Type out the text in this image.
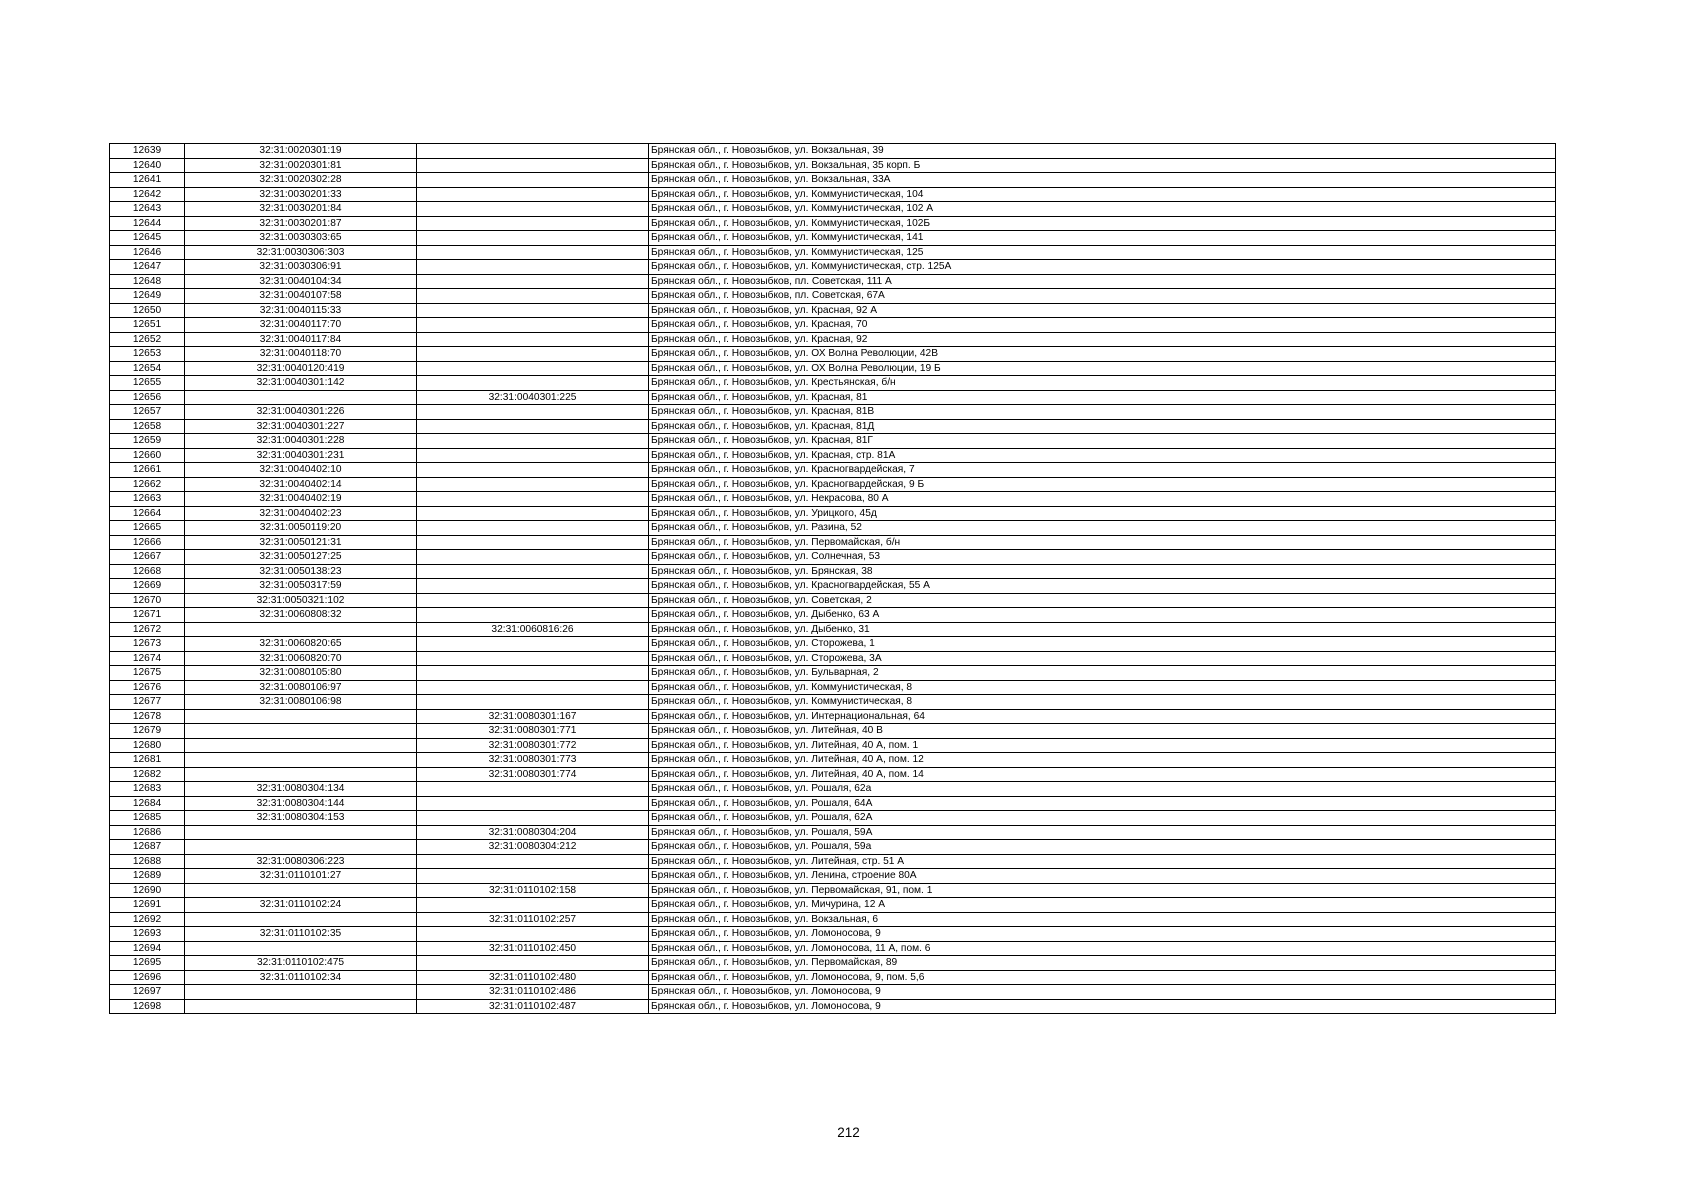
12639	32:31:0020301:19		Брянская обл., г. Новозыбков, ул. Вокзальная, 39
12640	32:31:0020301:81		Брянская обл., г. Новозыбков, ул. Вокзальная, 35 корп. Б
12641	32:31:0020302:28		Брянская обл., г. Новозыбков, ул. Вокзальная, 33А
12642	32:31:0030201:33		Брянская обл., г. Новозыбков, ул. Коммунистическая, 104
12643	32:31:0030201:84		Брянская обл., г. Новозыбков, ул. Коммунистическая, 102 А
12644	32:31:0030201:87		Брянская обл., г. Новозыбков, ул. Коммунистическая, 102Б
12645	32:31:0030303:65		Брянская обл., г. Новозыбков, ул. Коммунистическая, 141
12646	32:31:0030306:303		Брянская обл., г. Новозыбков, ул. Коммунистическая, 125
12647	32:31:0030306:91		Брянская обл., г. Новозыбков, ул. Коммунистическая, стр. 125А
12648	32:31:0040104:34		Брянская обл., г. Новозыбков, пл. Советская, 111 А
12649	32:31:0040107:58		Брянская обл., г. Новозыбков, пл. Советская, 67А
12650	32:31:0040115:33		Брянская обл., г. Новозыбков, ул. Красная, 92 А
12651	32:31:0040117:70		Брянская обл., г. Новозыбков, ул. Красная, 70
12652	32:31:0040117:84		Брянская обл., г. Новозыбков, ул. Красная, 92
12653	32:31:0040118:70		Брянская обл., г. Новозыбков, ул. ОХ Волна Революции, 42В
12654	32:31:0040120:419		Брянская обл., г. Новозыбков, ул. ОХ Волна Революции, 19 Б
12655	32:31:0040301:142		Брянская обл., г. Новозыбков, ул. Крестьянская, б/н
12656		32:31:0040301:225	Брянская обл., г. Новозыбков, ул. Красная, 81
12657	32:31:0040301:226		Брянская обл., г. Новозыбков, ул. Красная, 81В
12658	32:31:0040301:227		Брянская обл., г. Новозыбков, ул. Красная, 81Д
12659	32:31:0040301:228		Брянская обл., г. Новозыбков, ул. Красная, 81Г
12660	32:31:0040301:231		Брянская обл., г. Новозыбков, ул. Красная, стр. 81А
12661	32:31:0040402:10		Брянская обл., г. Новозыбков, ул. Красногвардейская, 7
12662	32:31:0040402:14		Брянская обл., г. Новозыбков, ул. Красногвардейская, 9 Б
12663	32:31:0040402:19		Брянская обл., г. Новозыбков, ул. Некрасова, 80 А
12664	32:31:0040402:23		Брянская обл., г. Новозыбков, ул. Урицкого, 45д
12665	32:31:0050119:20		Брянская обл., г. Новозыбков, ул. Разина, 52
12666	32:31:0050121:31		Брянская обл., г. Новозыбков, ул. Первомайская, б/н
12667	32:31:0050127:25		Брянская обл., г. Новозыбков, ул. Солнечная, 53
12668	32:31:0050138:23		Брянская обл., г. Новозыбков, ул. Брянская, 38
12669	32:31:0050317:59		Брянская обл., г. Новозыбков, ул. Красногвардейская, 55 А
12670	32:31:0050321:102		Брянская обл., г. Новозыбков, ул. Советская, 2
12671	32:31:0060808:32		Брянская обл., г. Новозыбков, ул. Дыбенко, 63 А
12672		32:31:0060816:26	Брянская обл., г. Новозыбков, ул. Дыбенко, 31
12673	32:31:0060820:65		Брянская обл., г. Новозыбков, ул. Сторожева, 1
12674	32:31:0060820:70		Брянская обл., г. Новозыбков, ул. Сторожева, 3А
12675	32:31:0080105:80		Брянская обл., г. Новозыбков, ул. Бульварная, 2
12676	32:31:0080106:97		Брянская обл., г. Новозыбков, ул. Коммунистическая, 8
12677	32:31:0080106:98		Брянская обл., г. Новозыбков, ул. Коммунистическая, 8
12678		32:31:0080301:167	Брянская обл., г. Новозыбков, ул. Интернациональная, 64
12679		32:31:0080301:771	Брянская обл., г. Новозыбков, ул. Литейная, 40 В
12680		32:31:0080301:772	Брянская обл., г. Новозыбков, ул. Литейная, 40 А, пом. 1
12681		32:31:0080301:773	Брянская обл., г. Новозыбков, ул. Литейная, 40 А, пом. 12
12682		32:31:0080301:774	Брянская обл., г. Новозыбков, ул. Литейная, 40 А, пом. 14
12683	32:31:0080304:134		Брянская обл., г. Новозыбков, ул. Рошаля, 62а
12684	32:31:0080304:144		Брянская обл., г. Новозыбков, ул. Рошаля, 64А
12685	32:31:0080304:153		Брянская обл., г. Новозыбков, ул. Рошаля, 62А
12686		32:31:0080304:204	Брянская обл., г. Новозыбков, ул. Рошаля, 59А
12687		32:31:0080304:212	Брянская обл., г. Новозыбков, ул. Рошаля, 59а
12688	32:31:0080306:223		Брянская обл., г. Новозыбков, ул. Литейная, стр. 51 А
12689	32:31:0110101:27		Брянская обл., г. Новозыбков, ул. Ленина, строение 80А
12690		32:31:0110102:158	Брянская обл., г. Новозыбков, ул. Первомайская, 91, пом. 1
12691	32:31:0110102:24		Брянская обл., г. Новозыбков, ул. Мичурина, 12 А
12692		32:31:0110102:257	Брянская обл., г. Новозыбков, ул. Вокзальная, 6
12693	32:31:0110102:35		Брянская обл., г. Новозыбков, ул. Ломоносова, 9
12694		32:31:0110102:450	Брянская обл., г. Новозыбков, ул. Ломоносова, 11 А, пом. 6
12695	32:31:0110102:475		Брянская обл., г. Новозыбков, ул. Первомайская, 89
12696	32:31:0110102:34	32:31:0110102:480	Брянская обл., г. Новозыбков, ул. Ломоносова, 9, пом. 5,6
12697		32:31:0110102:486	Брянская обл., г. Новозыбков, ул. Ломоносова, 9
12698		32:31:0110102:487	Брянская обл., г. Новозыбков, ул. Ломоносова, 9
212
